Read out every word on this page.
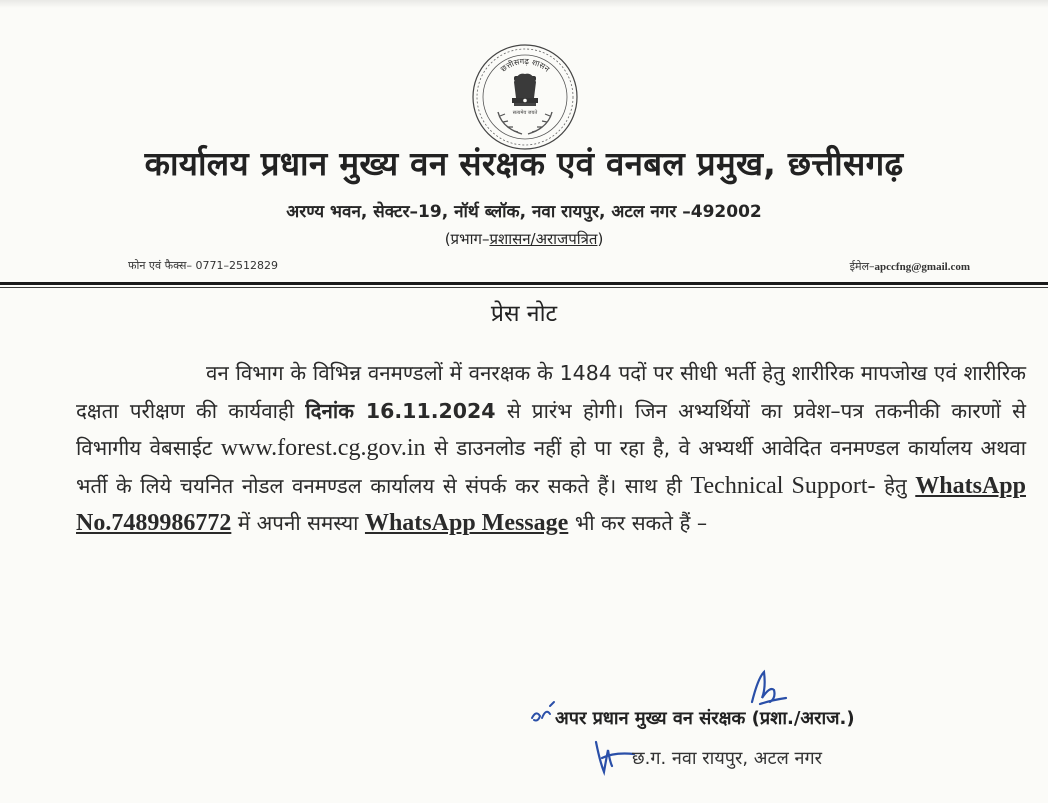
छत्तीसगढ़ शासन
सत्यमेव जयते
कार्यालय प्रधान मुख्य वन संरक्षक एवं वनबल प्रमुख, छत्तीसगढ़
अरण्य भवन, सेक्टर–19, नॉर्थ ब्लॉक, नवा रायपुर, अटल नगर –492002
(प्रभाग–प्रशासन/अराजपत्रित)
फोन एवं फैक्स– 0771–2512829	ईमेल–apccfng@gmail.com
प्रेस नोट
वन विभाग के विभिन्न वनमण्डलों में वनरक्षक के 1484 पदों पर सीधी भर्ती हेतु शारीरिक मापजोख एवं शारीरिक दक्षता परीक्षण की कार्यवाही दिनांक 16.11.2024 से प्रारंभ होगी। जिन अभ्यर्थियों का प्रवेश–पत्र तकनीकी कारणों से विभागीय वेबसाईट www.forest.cg.gov.in से डाउनलोड नहीं हो पा रहा है, वे अभ्यर्थी आवेदित वनमण्डल कार्यालय अथवा भर्ती के लिये चयनित नोडल वनमण्डल कार्यालय से संपर्क कर सकते हैं। साथ ही Technical Support- हेतु WhatsApp No.7489986772 में अपनी समस्या WhatsApp Message भी कर सकते हैं –
अपर प्रधान मुख्य वन संरक्षक (प्रशा./अराज.)
छ.ग. नवा रायपुर, अटल नगर
